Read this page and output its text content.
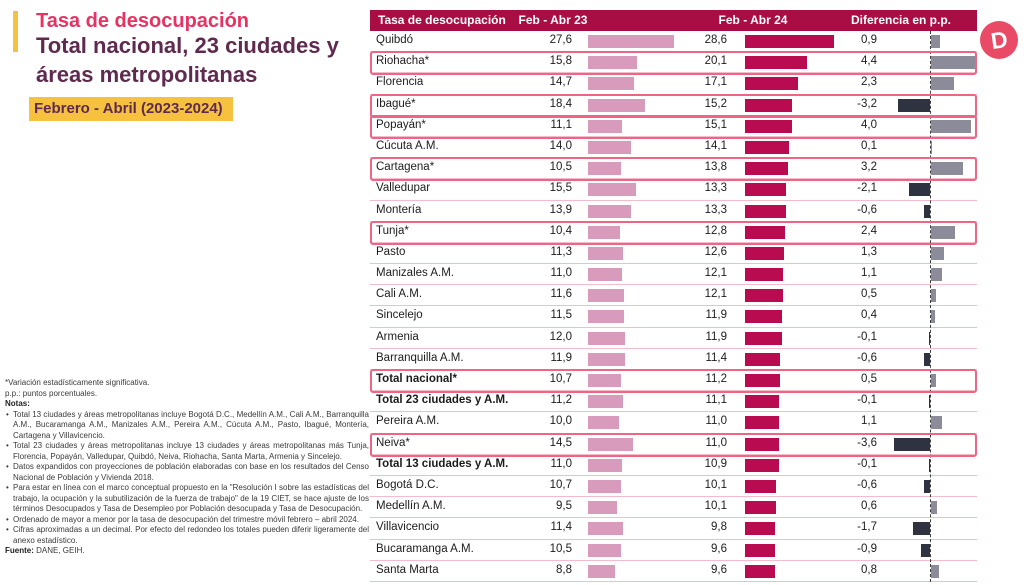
Tasa de desocupación
Total nacional, 23 ciudades y
áreas metropolitanas
Febrero - Abril (2023-2024)

*Variación estadísticamente significativa.

p.p.: puntos porcentuales.

Notas:

• Total 13 ciudades y áreas metropolitanas incluye Bogotá D.C., Medellín A.M., Cali A.M., Barranquilla A.M., Bucaramanga A.M., Manizales A.M., Pereira A.M., Cúcuta A.M., Pasto, Ibagué, Montería, Cartagena y Villavicencio.

• Total 23 ciudades y áreas metropolitanas incluye 13 ciudades y áreas metropolitanas más Tunja, Florencia, Popayán, Valledupar, Quibdó, Neiva, Riohacha, Santa Marta, Armenia y Sincelejo.

• Datos expandidos con proyecciones de población elaboradas con base en los resultados del Censo Nacional de Población y Vivienda 2018.

• Para estar en línea con el marco conceptual propuesto en la "Resolución I sobre las estadísticas del trabajo, la ocupación y la subutilización de la fuerza de trabajo" de la 19 CIET, se hace ajuste de los términos Desocupados y Tasa de Desempleo por Población desocupada y Tasa de Desocupación.

• Ordenado de mayor a menor por la tasa de desocupación del trimestre móvil febrero – abril 2024.

• Cifras aproximadas a un decimal. Por efecto del redondeo los totales pueden diferir ligeramente del anexo estadístico.

Fuente: DANE, GEIH.

Tasa de desocupación	Feb - Abr 23	Feb - Abr 24	Diferencia en p.p.
Quibdó	27,6	28,6	0,9
Riohacha*	15,8	20,1	4,4
Florencia	14,7	17,1	2,3
Ibagué*	18,4	15,2	-3,2
Popayán*	11,1	15,1	4,0
Cúcuta A.M.	14,0	14,1	0,1
Cartagena*	10,5	13,8	3,2
Valledupar	15,5	13,3	-2,1
Montería	13,9	13,3	-0,6
Tunja*	10,4	12,8	2,4
Pasto	11,3	12,6	1,3
Manizales A.M.	11,0	12,1	1,1
Cali A.M.	11,6	12,1	0,5
Sincelejo	11,5	11,9	0,4
Armenia	12,0	11,9	-0,1
Barranquilla A.M.	11,9	11,4	-0,6
Total nacional*	10,7	11,2	0,5
Total 23 ciudades y A.M.	11,2	11,1	-0,1
Pereira A.M.	10,0	11,0	1,1
Neiva*	14,5	11,0	-3,6
Total 13 ciudades y A.M.	11,0	10,9	-0,1
Bogotá D.C.	10,7	10,1	-0,6
Medellín A.M.	9,5	10,1	0,6
Villavicencio	11,4	9,8	-1,7
Bucaramanga A.M.	10,5	9,6	-0,9
Santa Marta	8,8	9,6	0,8
D
